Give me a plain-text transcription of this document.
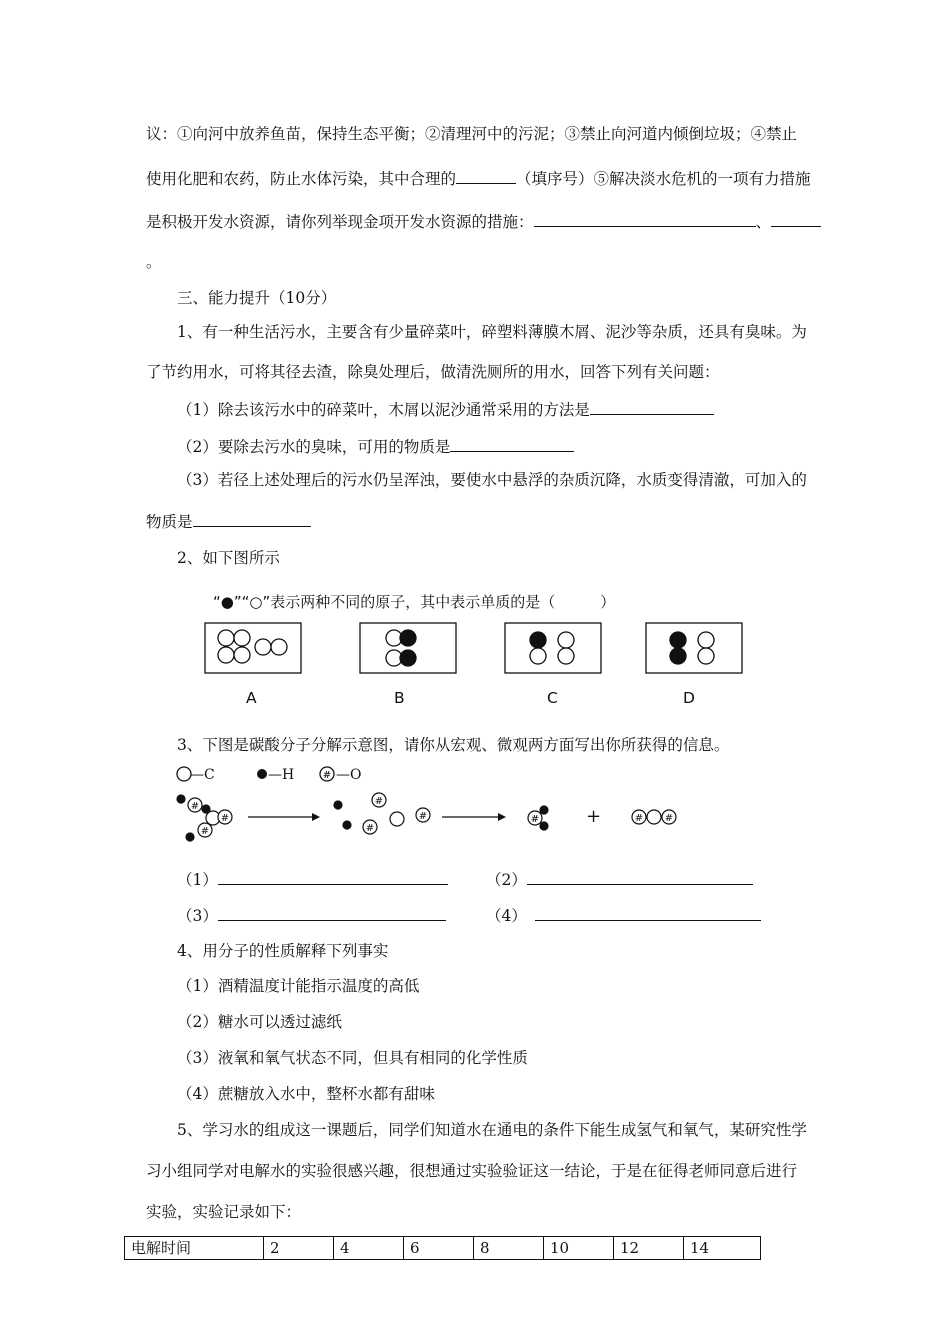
议：①向河中放养鱼苗，保持生态平衡；②清理河中的污泥；③禁止向河道内倾倒垃圾；④禁止
使用化肥和农药，防止水体污染，其中合理的	（填序号）⑤解决淡水危机的一项有力措施
是积极开发水资源，请你列举现金项开发水资源的措施：	、
。
三、能力提升（10分）
1、有一种生活污水，主要含有少量碎菜叶，碎塑料薄膜木屑、泥沙等杂质，还具有臭味。为
了节约用水，可将其径去渣，除臭处理后，做清洗厕所的用水，回答下列有关问题：
（1）除去该污水中的碎菜叶，木屑以泥沙通常采用的方法是
（2）要除去污水的臭味，可用的物质是
（3）若径上述处理后的污水仍呈浑浊，要使水中悬浮的杂质沉降，水质变得清澈，可加入的
物质是
2、如下图所示
“●”“○”表示两种不同的原子，其中表示单质的是（　　　）
A	B	C	D
3、下图是碳酸分子分解示意图，请你从宏观、微观两方面写出你所获得的信息。
#
#
#
#
#
#
#	#	# #
—C	—H	—O
+
（1）	（2）
（3）	（4）
4、用分子的性质解释下列事实
（1）酒精温度计能指示温度的高低
（2）糖水可以透过滤纸
（3）液氧和氧气状态不同，但具有相同的化学性质
（4）蔗糖放入水中，整杯水都有甜味
5、学习水的组成这一课题后，同学们知道水在通电的条件下能生成氢气和氧气，某研究性学
习小组同学对电解水的实验很感兴趣，很想通过实验验证这一结论，于是在征得老师同意后进行
实验，实验记录如下：
电解时间	2	4	6	8	10	12	14
